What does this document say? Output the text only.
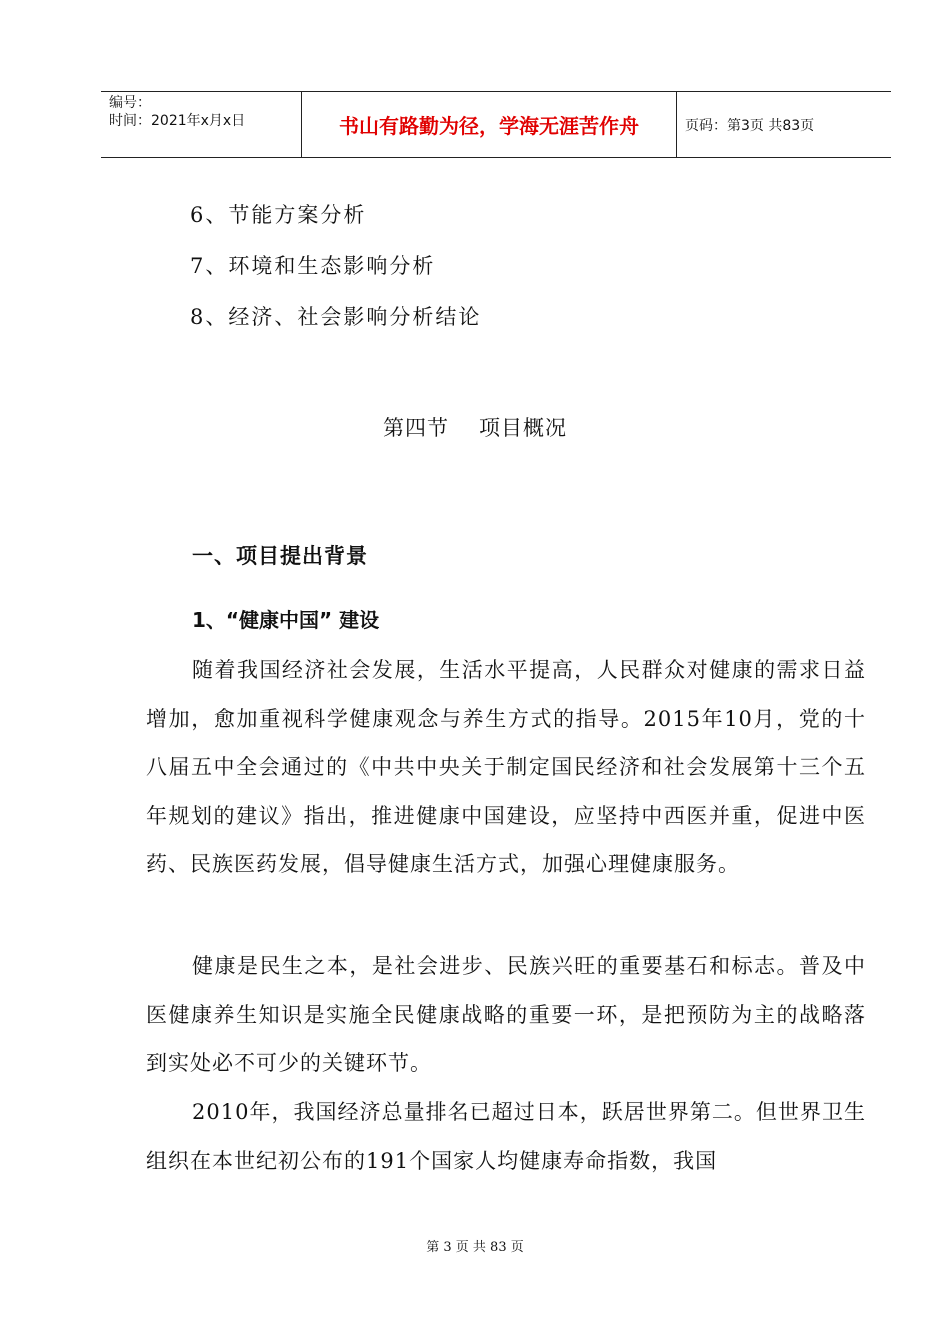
编号：
时间：2021年x月x日	书山有路勤为径，学海无涯苦作舟	页码：第3页 共83页
6、节能方案分析
7、环境和生态影响分析
8、经济、社会影响分析结论
第四节 项目概况
一、项目提出背景
1、“健康中国” 建设

随着我国经济社会发展，生活水平提高，人民群众对健康的需求日益增加，愈加重视科学健康观念与养生方式的指导。2015年10月，党的十八届五中全会通过的《中共中央关于制定国民经济和社会发展第十三个五年规划的建议》指出，推进健康中国建设，应坚持中西医并重，促进中医药、民族医药发展，倡导健康生活方式，加强心理健康服务。

健康是民生之本，是社会进步、民族兴旺的重要基石和标志。普及中医健康养生知识是实施全民健康战略的重要一环，是把预防为主的战略落到实处必不可少的关键环节。

2010年，我国经济总量排名已超过日本，跃居世界第二。但世界卫生组织在本世纪初公布的191个国家人均健康寿命指数，我国

第 3 页 共 83 页
